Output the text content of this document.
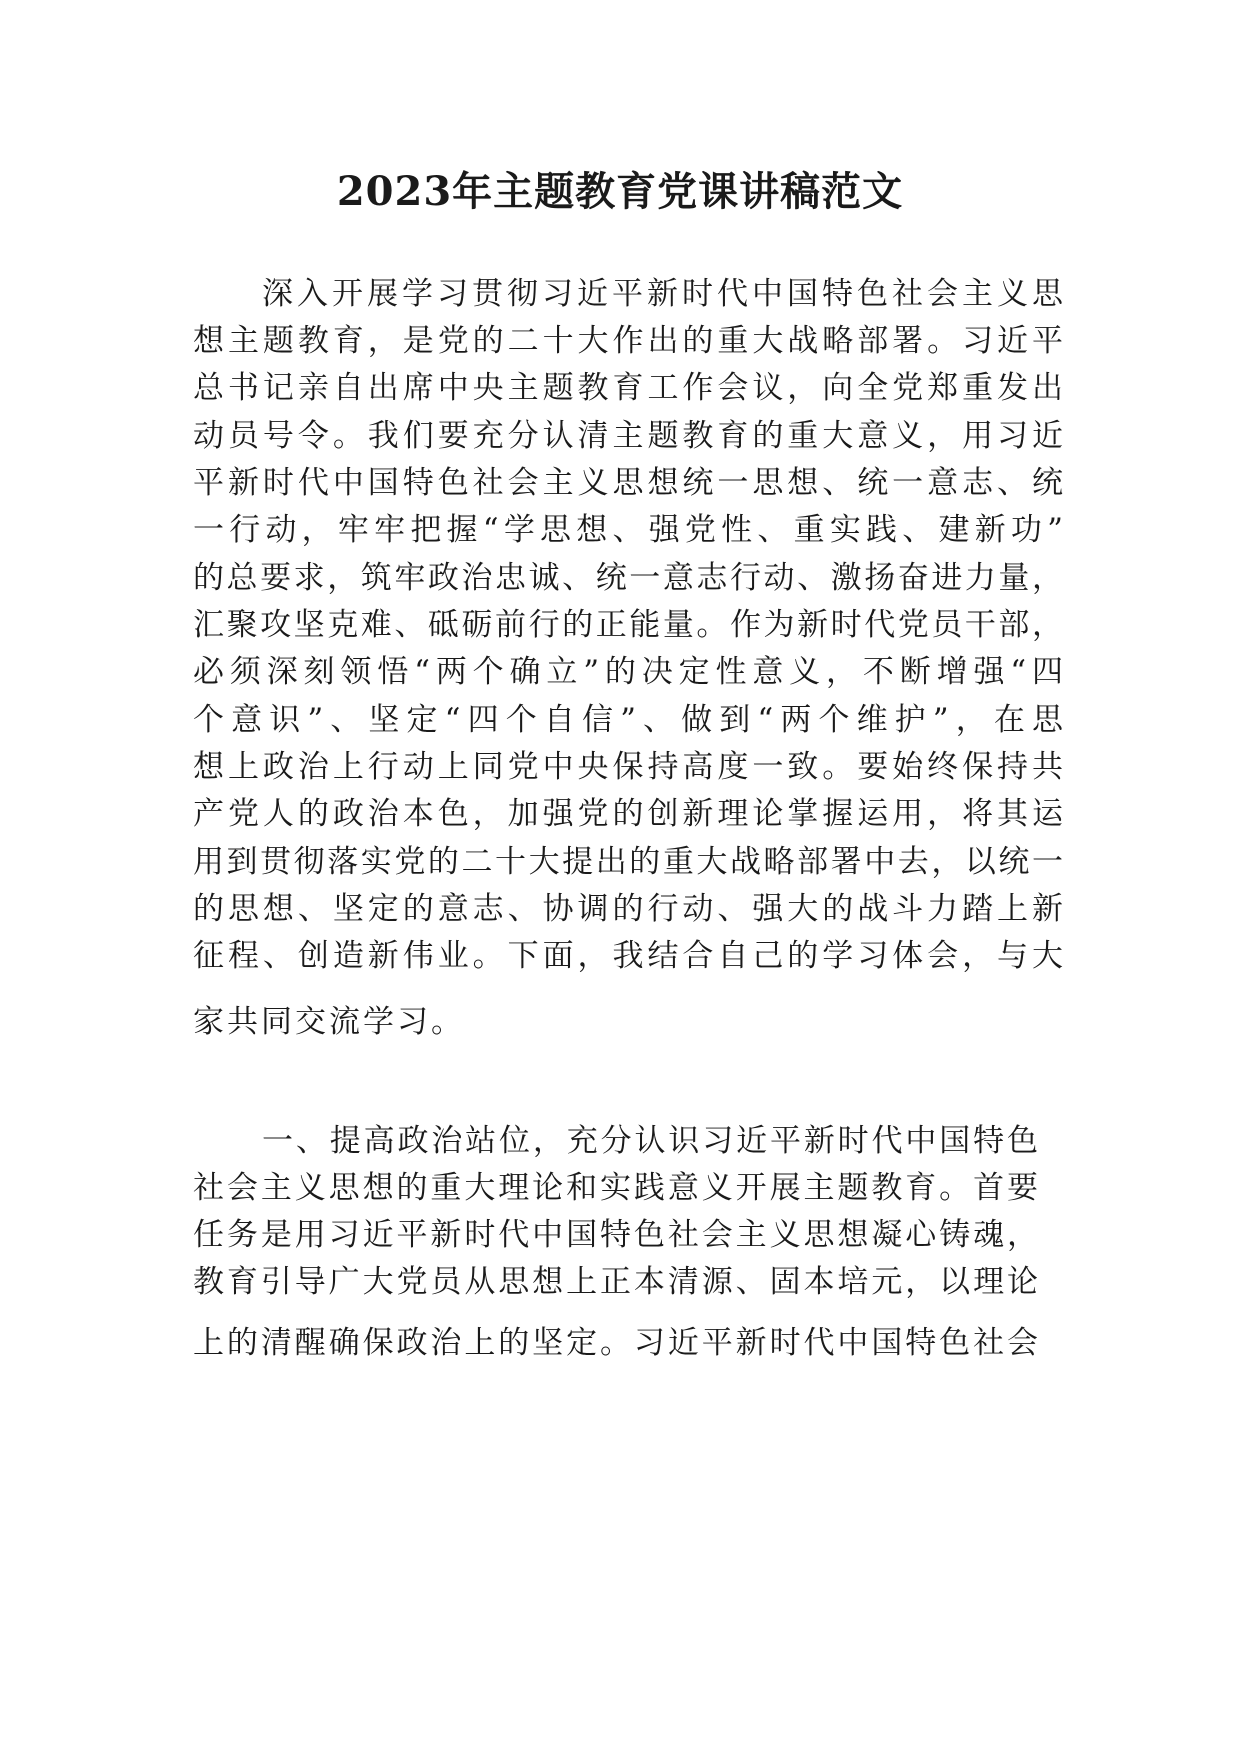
2023年主题教育党课讲稿范文

深入开展学习贯彻习近平新时代中国特色社会主义思

想主题教育，是党的二十大作出的重大战略部署。习近平

总书记亲自出席中央主题教育工作会议，向全党郑重发出

动员号令。我们要充分认清主题教育的重大意义，用习近

平新时代中国特色社会主义思想统一思想、统一意志、统

一行动，牢牢把握“学思想、强党性、重实践、建新功”

的总要求，筑牢政治忠诚、统一意志行动、激扬奋进力量，

汇聚攻坚克难、砥砺前行的正能量。作为新时代党员干部，

必须深刻领悟“两个确立”的决定性意义，不断增强“四

个意识”、坚定“四个自信”、做到“两个维护”，在思

想上政治上行动上同党中央保持高度一致。要始终保持共

产党人的政治本色，加强党的创新理论掌握运用，将其运

用到贯彻落实党的二十大提出的重大战略部署中去，以统一

的思想、坚定的意志、协调的行动、强大的战斗力踏上新

征程、创造新伟业。下面，我结合自己的学习体会，与大

家共同交流学习。

一、提高政治站位，充分认识习近平新时代中国特色

社会主义思想的重大理论和实践意义开展主题教育。首要

任务是用习近平新时代中国特色社会主义思想凝心铸魂，

教育引导广大党员从思想上正本清源、固本培元，以理论

上的清醒确保政治上的坚定。习近平新时代中国特色社会
